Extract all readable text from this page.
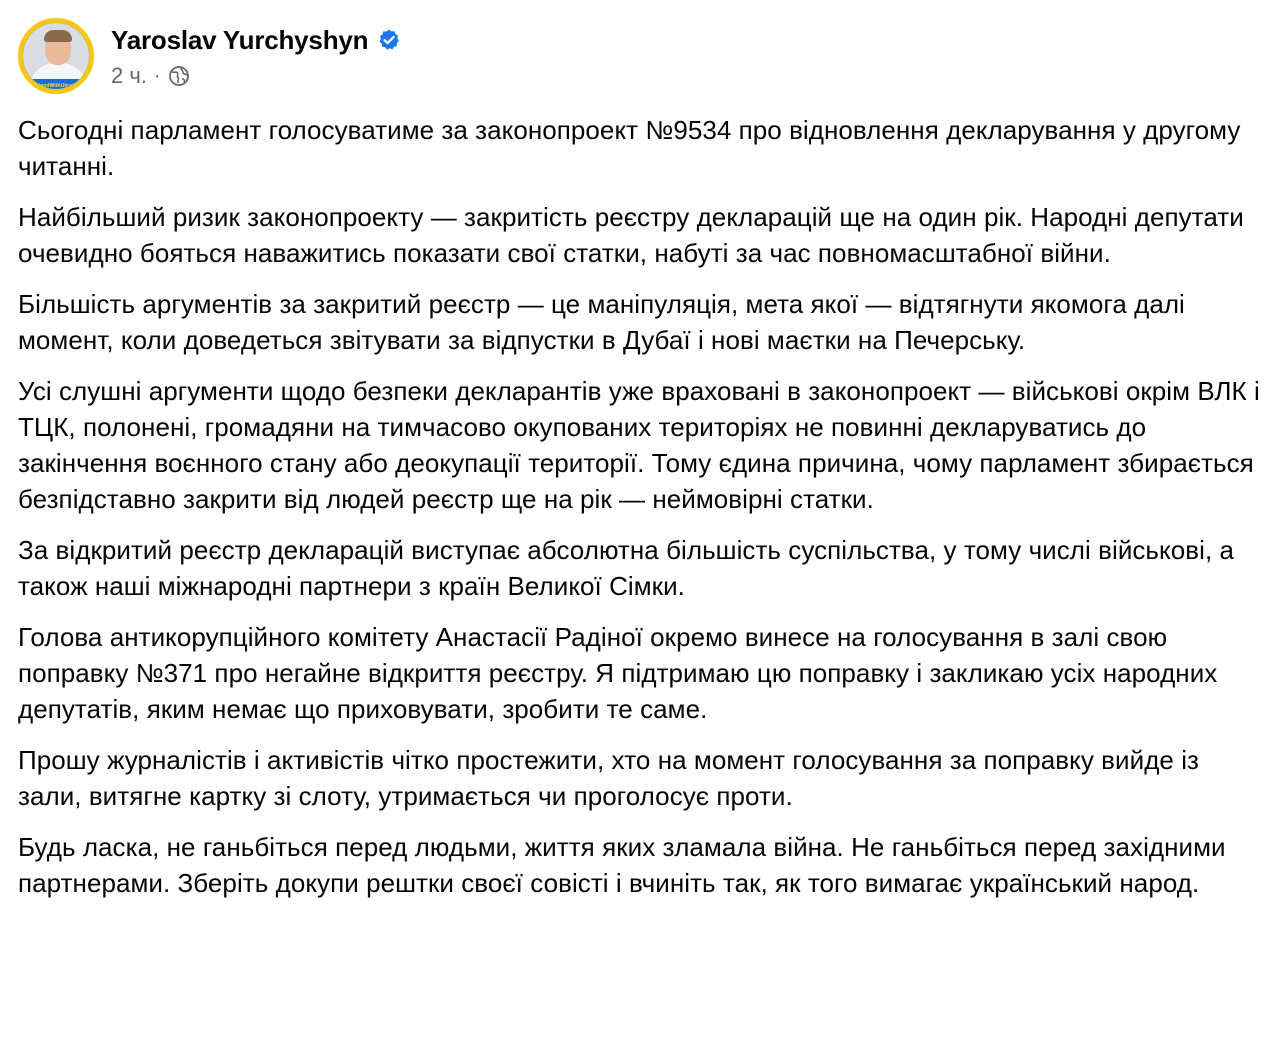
#StandWithUkraine
Yaroslav Yurchyshyn
2 ч. ·

Сьогодні парламент голосуватиме за законопроект №9534 про відновлення декларування у другому читанні.

Найбільший ризик законопроекту — закритість реєстру декларацій ще на один рік. Народні депутати очевидно бояться наважитись показати свої статки, набуті за час повномасштабної війни.

Більшість аргументів за закритий реєстр — це маніпуляція, мета якої — відтягнути якомога далі момент, коли доведеться звітувати за відпустки в Дубаї і нові маєтки на Печерську.

Усі слушні аргументи щодо безпеки декларантів уже враховані в законопроект — військові окрім ВЛК і ТЦК, полонені, громадяни на тимчасово окупованих територіях не повинні декларуватись до закінчення воєнного стану або деокупації території. Тому єдина причина, чому парламент збирається безпідставно закрити від людей реєстр ще на рік — неймовірні статки.

За відкритий реєстр декларацій виступає абсолютна більшість суспільства, у тому числі військові, а також наші міжнародні партнери з країн Великої Сімки.

Голова антикорупційного комітету Анастасії Радіної окремо винесе на голосування в залі свою поправку №371 про негайне відкриття реєстру. Я підтримаю цю поправку і закликаю усіх народних депутатів, яким немає що приховувати, зробити те саме.

Прошу журналістів і активістів чітко простежити, хто на момент голосування за поправку вийде із зали, витягне картку зі слоту, утримається чи проголосує проти.

Будь ласка, не ганьбіться перед людьми, життя яких зламала війна. Не ганьбіться перед західними партнерами. Зберіть докупи рештки своєї совісті і вчиніть так, як того вимагає український народ.
